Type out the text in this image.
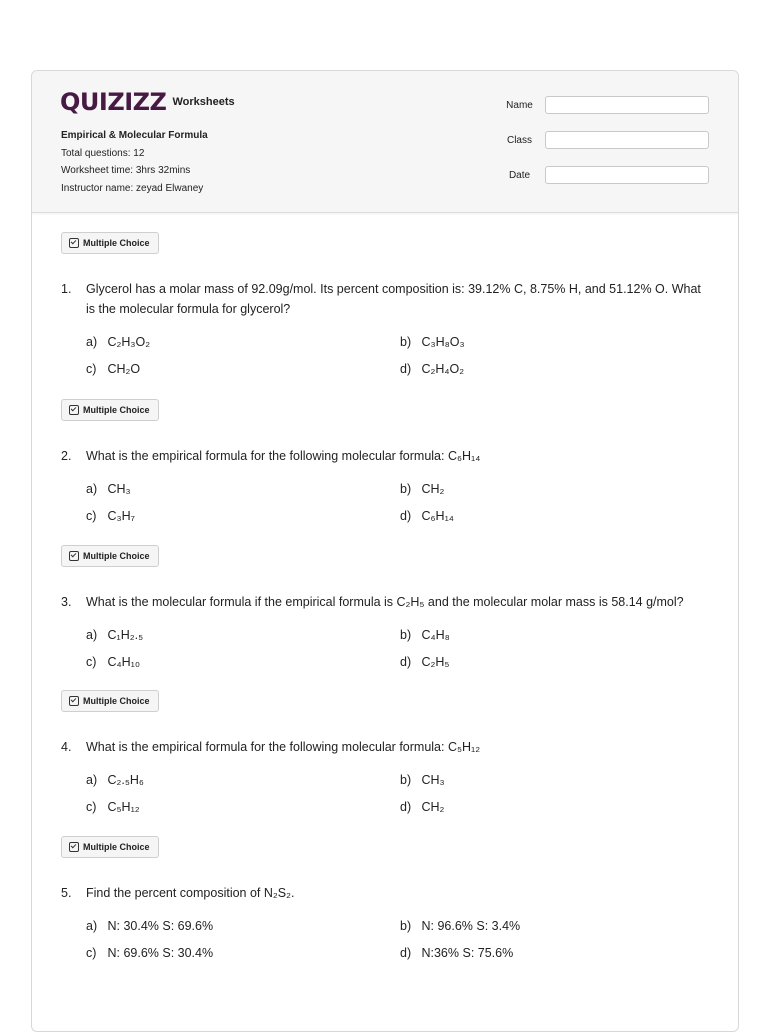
QUIZIZZ Worksheets
Empirical & Molecular Formula
Total questions: 12
Worksheet time: 3hrs 32mins
Instructor name: zeyad Elwaney
Name
Class
Date
Multiple Choice
1.	Glycerol has a molar mass of 92.09g/mol. Its percent composition is: 39.12% C, 8.75% H, and 51.12% O. What is the molecular formula for glycerol?
a) C₂H₃O₂	b) C₃H₈O₃
c) CH₂O	d) C₂H₄O₂
Multiple Choice
2.	What is the empirical formula for the following molecular formula: C₆H₁₄
a) CH₃	b) CH₂
c) C₃H₇	d) C₆H₁₄
Multiple Choice
3.	What is the molecular formula if the empirical formula is C₂H₅ and the molecular molar mass is 58.14 g/mol?
a) C₁H₂.₅	b) C₄H₈
c) C₄H₁₀	d) C₂H₅
Multiple Choice
4.	What is the empirical formula for the following molecular formula: C₅H₁₂
a) C₂.₅H₆	b) CH₃
c) C₅H₁₂	d) CH₂
Multiple Choice
5.	Find the percent composition of N₂S₂.
a) N: 30.4% S: 69.6%	b) N: 96.6% S: 3.4%
c) N: 69.6% S: 30.4%	d) N:36% S: 75.6%
